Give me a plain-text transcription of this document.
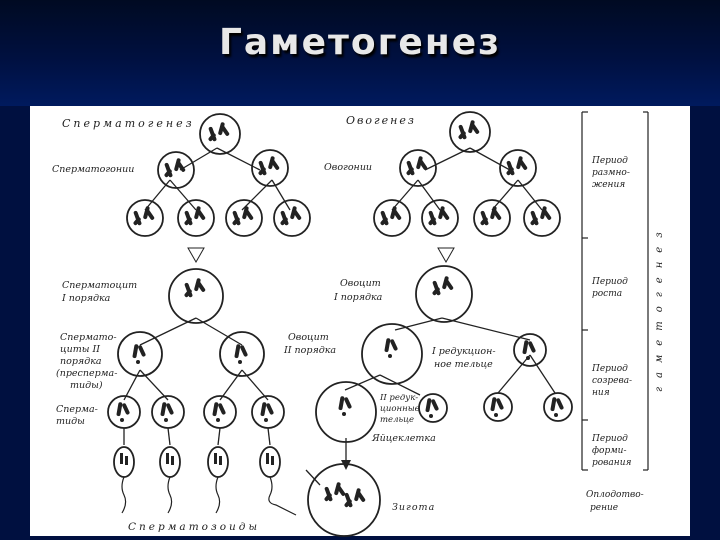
Гаметогенез
Сперматогенез	Овогенез
Сперматогонии	Овогонии
Сперматоцит
I порядка
Овоцит
I порядка
Сперматo-
циты II
порядка
(пресперма-
тиды)
Овоцит
II порядка
Сперма-
тиды
I редукцион-
ное тельце
II редук-
ционные
тельце
Яйцеклетка
Зигота
Сперматозоиды
Период
размно-
жения
Период
роста
Период
созрева-
ния
Период
форми-
рования
Оплодотво-
рение
гаметогенез
